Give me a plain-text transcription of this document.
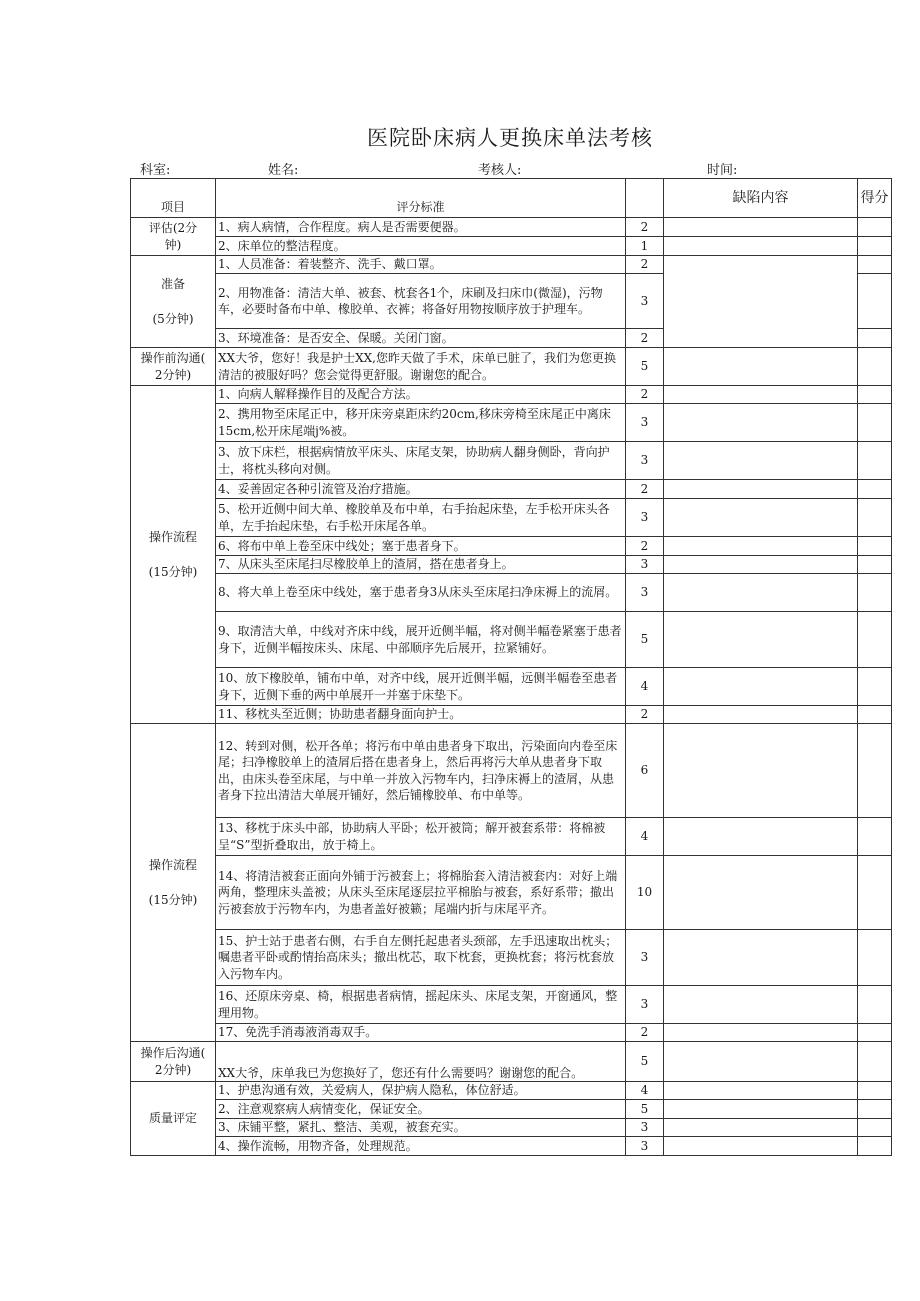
医院卧床病人更换床单法考核
科室:	姓名:	考核人:	时间:
项目	评分标准		缺陷内容	得分

评估(2分
钟)	1、病人病情，合作程度。病人是否需要便器。	2		
	2、床单位的整洁程度。	1		

准备
(5分钟)	1、人员准备：着装整齐、洗手、戴口罩。	2		
	2、用物准备：清洁大单、被套、枕套各1个，床刷及扫床巾(微湿)，污物车，必要时备布中单、橡胶单、衣裤；将备好用物按顺序放于护理车。	3		
	3、环境准备：是否安全、保暖。关闭门窗。	2		

操作前沟通(
2分钟)	XX大爷，您好！我是护士XX,您昨天做了手术，床单已脏了，我们为您更换清洁的被服好吗？您会觉得更舒服。谢谢您的配合。	5		

操作流程
(15分钟)	1、向病人解释操作目的及配合方法。	2		
	2、携用物至床尾正中，移开床旁桌距床约20cm,移床旁椅至床尾正中离床15cm,松开床尾端j%被。	3		
	3、放下床栏，根据病情放平床头、床尾支架，协助病人翻身侧卧，背向护士，将枕头移向对侧。	3		
	4、妥善固定各种引流管及治疗措施。	2		
	5、松开近侧中间大单、橡胶单及布中单，右手抬起床垫，左手松开床头各单，左手抬起床垫，右手松开床尾各单。	3		
	6、将布中单上卷至床中线处；塞于患者身下。	2		
	7、从床头至床尾扫尽橡胶单上的渣屑，搭在患者身上。	3		
	8、将大单上卷至床中线处，塞于患者身3从床头至床尾扫净床褥上的流屑。	3		
	9、取清洁大单，中线对齐床中线，展开近侧半幅，将对侧半幅卷紧塞于患者身下，近侧半幅按床头、床尾、中部顺序先后展开，拉紧铺好。	5		
	10、放下橡胶单，铺布中单，对齐中线，展开近侧半幅，远侧半幅卷至患者身下，近侧下垂的两中单展开一并塞于床垫下。	4		
	11、移枕头至近侧；协助患者翻身面向护士。	2		

操作流程
(15分钟)	12、转到对侧，松开各单；将污布中单由患者身下取出，污染面向内卷至床尾；扫净橡胶单上的渣屑后搭在患者身上，然后再将污大单从患者身下取出，由床头卷至床尾，与中单一并放入污物车内，扫净床褥上的渣屑，从患者身下拉出清洁大单展开铺好，然后铺橡胶单、布中单等。	6		
	13、移枕于床头中部，协助病人平卧；松开被筒；解开被套系带：将棉被呈“S”型折叠取出，放于椅上。	4		
	14、将清洁被套正面向外铺于污被套上；将棉胎套入清洁被套内：对好上端两角，整理床头盖被；从床头至床尾逐层拉平棉胎与被套，系好系带；撤出污被套放于污物车内，为患者盖好被籁；尾端内折与床尾平齐。	10		
	15、护士站于患者右侧，右手自左侧托起患者头颈部，左手迅速取出枕头；嘱患者平卧或酌情抬高床头；撤出枕芯，取下枕套，更换枕套；将污枕套放入污物车内。	3		
	16、还原床旁桌、椅，根据患者病情，摇起床头、床尾支架，开窗通风，整理用物。	3		
	17、免洗手消毒液消毒双手。	2		

操作后沟通(
2分钟)	XX大爷，床单我已为您换好了，您还有什么需要吗？谢谢您的配合。	5		

质量评定	1、护患沟通有效，关爱病人，保护病人隐私，体位舒适。	4		
	2、注意观察病人病情变化，保证安全。	5		
	3、床铺平整，紧扎、整洁、美观，被套充实。	3		
	4、操作流畅，用物齐备，处理规范。	3		
